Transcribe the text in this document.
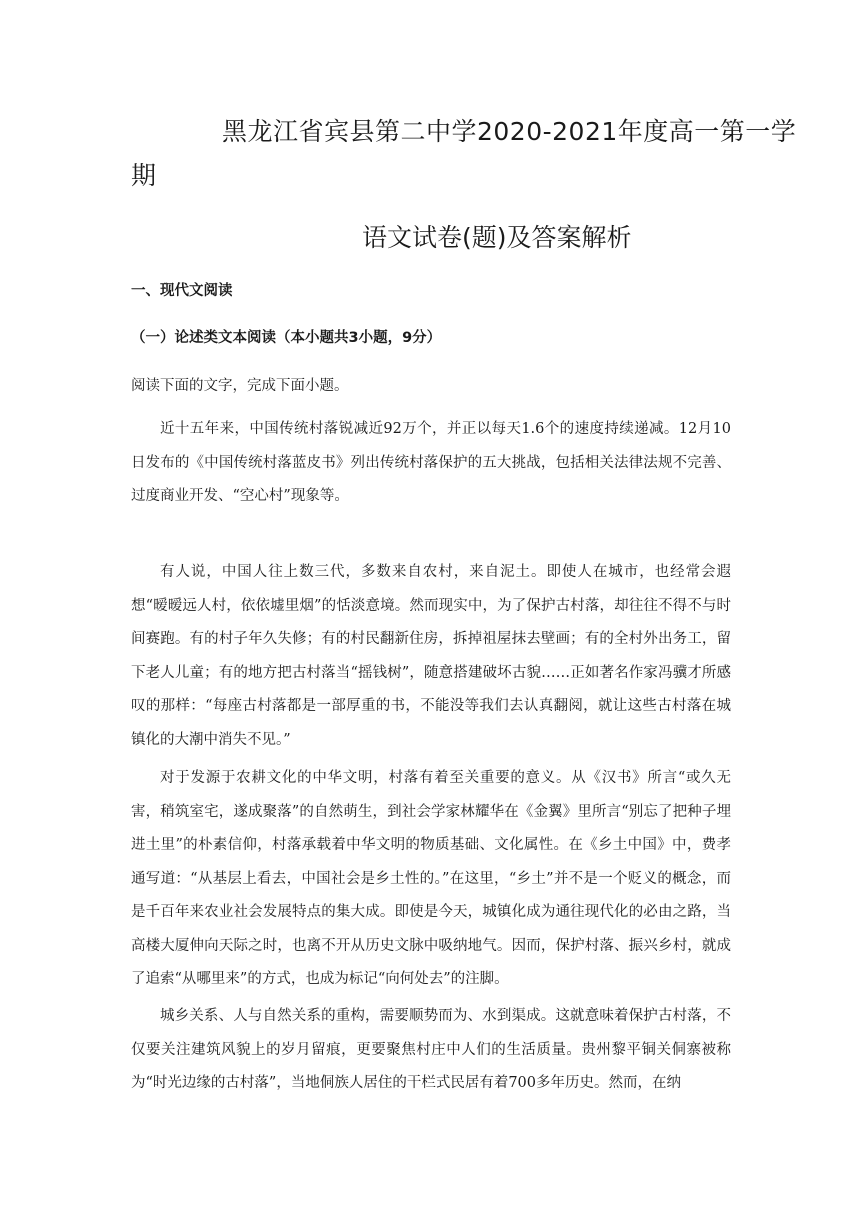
黑龙江省宾县第二中学2020-2021年度高一第一学
期
语文试卷(题)及答案解析
一、现代文阅读
（一）论述类文本阅读（本小题共3小题，9分）
阅读下面的文字，完成下面小题。

近十五年来，中国传统村落锐减近92万个，并正以每天1.6个的速度持续递减。12月10日发布的《中国传统村落蓝皮书》列出传统村落保护的五大挑战，包括相关法律法规不完善、过度商业开发、“空心村”现象等。

有人说，中国人往上数三代，多数来自农村，来自泥土。即使人在城市，也经常会遐想“暧暧远人村，依依墟里烟”的恬淡意境。然而现实中，为了保护古村落，却往往不得不与时间赛跑。有的村子年久失修；有的村民翻新住房，拆掉祖屋抹去壁画；有的全村外出务工，留下老人儿童；有的地方把古村落当“摇钱树”，随意搭建破坏古貌……正如著名作家冯骥才所感叹的那样：“每座古村落都是一部厚重的书，不能没等我们去认真翻阅，就让这些古村落在城镇化的大潮中消失不见。”

对于发源于农耕文化的中华文明，村落有着至关重要的意义。从《汉书》所言“或久无害，稍筑室宅，遂成聚落”的自然萌生，到社会学家林耀华在《金翼》里所言“别忘了把种子埋进土里”的朴素信仰，村落承载着中华文明的物质基础、文化属性。在《乡土中国》中，费孝通写道：“从基层上看去，中国社会是乡土性的。”在这里，“乡土”并不是一个贬义的概念，而是千百年来农业社会发展特点的集大成。即使是今天，城镇化成为通往现代化的必由之路，当高楼大厦伸向天际之时，也离不开从历史文脉中吸纳地气。因而，保护村落、振兴乡村，就成了追索“从哪里来”的方式，也成为标记“向何处去”的注脚。

城乡关系、人与自然关系的重构，需要顺势而为、水到渠成。这就意味着保护古村落，不仅要关注建筑风貌上的岁月留痕，更要聚焦村庄中人们的生活质量。贵州黎平铜关侗寨被称为“时光边缘的古村落”，当地侗族人居住的干栏式民居有着700多年历史。然而，在纳
